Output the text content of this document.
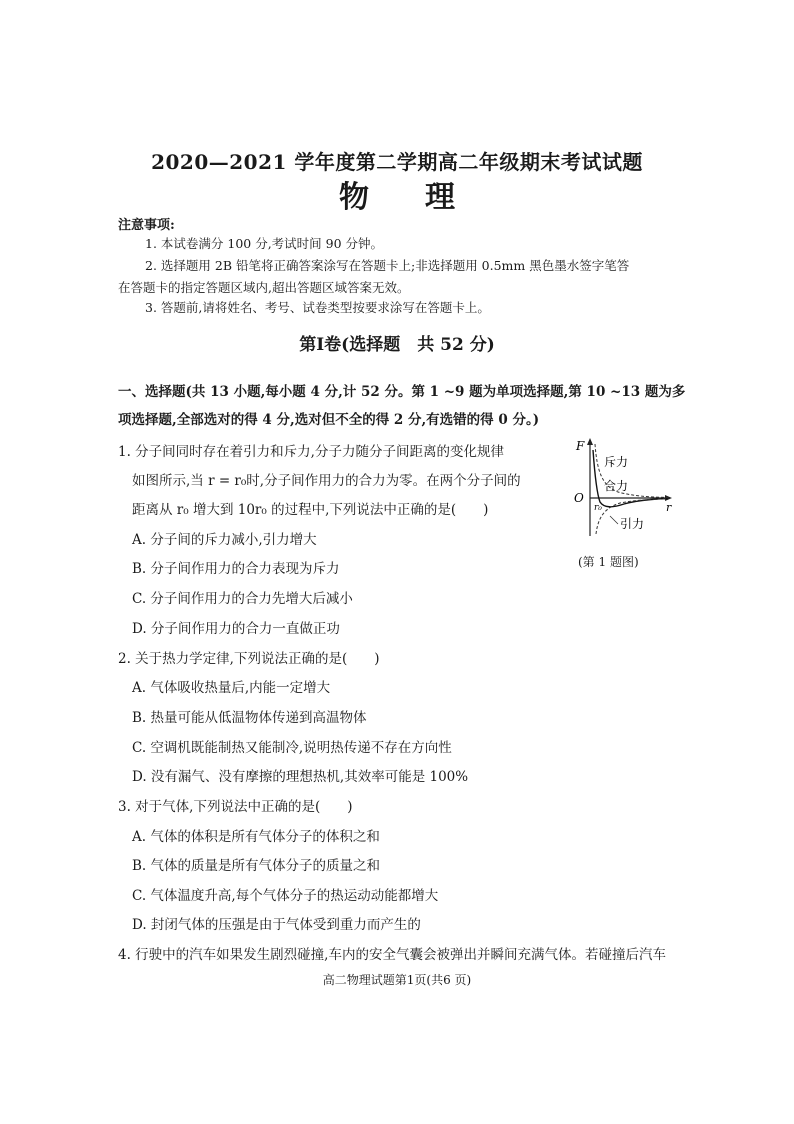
2020—2021 学年度第二学期高二年级期末考试试题
物 理
注意事项:
1. 本试卷满分 100 分,考试时间 90 分钟。
2. 选择题用 2B 铅笔将正确答案涂写在答题卡上;非选择题用 0.5mm 黑色墨水签字笔答
在答题卡的指定答题区域内,超出答题区域答案无效。
3. 答题前,请将姓名、考号、试卷类型按要求涂写在答题卡上。
第Ⅰ卷(选择题　共 52 分)
一、选择题(共 13 小题,每小题 4 分,计 52 分。第 1 ~9 题为单项选择题,第 10 ~13 题为多
项选择题,全部选对的得 4 分,选对但不全的得 2 分,有选错的得 0 分。)
1. 分子间同时存在着引力和斥力,分子力随分子间距离的变化规律
如图所示,当 r = r₀时,分子间作用力的合力为零。在两个分子间的
距离从 r₀ 增大到 10r₀ 的过程中,下列说法中正确的是(　　)
A. 分子间的斥力减小,引力增大
B. 分子间作用力的合力表现为斥力
C. 分子间作用力的合力先增大后减小
D. 分子间作用力的合力一直做正功
F
r
O
r₀
斥力
合力
引力
(第 1 题图)
2. 关于热力学定律,下列说法正确的是(　　)
A. 气体吸收热量后,内能一定增大
B. 热量可能从低温物体传递到高温物体
C. 空调机既能制热又能制冷,说明热传递不存在方向性
D. 没有漏气、没有摩擦的理想热机,其效率可能是 100%
3. 对于气体,下列说法中正确的是(　　)
A. 气体的体积是所有气体分子的体积之和
B. 气体的质量是所有气体分子的质量之和
C. 气体温度升高,每个气体分子的热运动动能都增大
D. 封闭气体的压强是由于气体受到重力而产生的
4. 行驶中的汽车如果发生剧烈碰撞,车内的安全气囊会被弹出并瞬间充满气体。若碰撞后汽车
高二物理试题第1页(共6 页)
